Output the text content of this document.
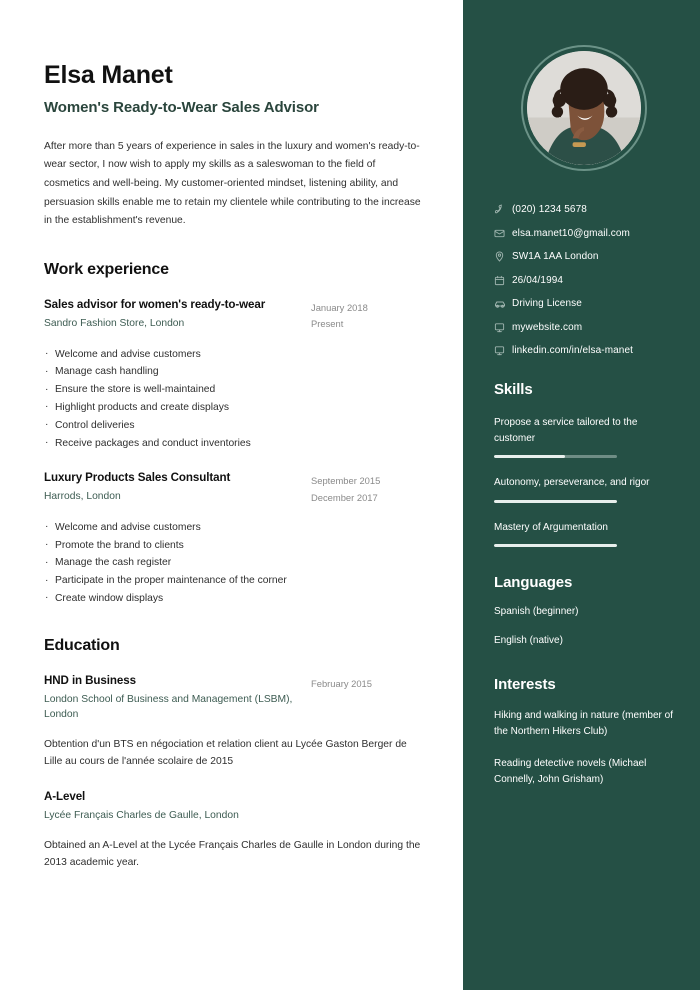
Elsa Manet
Women's Ready-to-Wear Sales Advisor
After more than 5 years of experience in sales in the luxury and women's ready-to-wear sector, I now wish to apply my skills as a saleswoman to the field of cosmetics and well-being. My customer-oriented mindset, listening ability, and persuasion skills enable me to retain my clientele while contributing to the increase in the establishment's revenue.
Work experience
Sales advisor for women's ready-to-wear
Sandro Fashion Store, London
January 2018
Present
· Welcome and advise customers
· Manage cash handling
· Ensure the store is well-maintained
· Highlight products and create displays
· Control deliveries
· Receive packages and conduct inventories
Luxury Products Sales Consultant
Harrods, London
September 2015
December 2017
· Welcome and advise customers
· Promote the brand to clients
· Manage the cash register
· Participate in the proper maintenance of the corner
· Create window displays
Education
HND in Business
London School of Business and Management (LSBM), London
February 2015
Obtention d'un BTS en négociation et relation client au Lycée Gaston Berger de Lille au cours de l'année scolaire de 2015
A-Level
Lycée Français Charles de Gaulle, London
Obtained an A-Level at the Lycée Français Charles de Gaulle in London during the 2013 academic year.
(020) 1234 5678
elsa.manet10@gmail.com
SW1A 1AA London
26/04/1994
Driving License
mywebsite.com
linkedin.com/in/elsa-manet
Skills
Propose a service tailored to the customer
Autonomy, perseverance, and rigor
Mastery of Argumentation
Languages
Spanish (beginner)
English (native)
Interests
Hiking and walking in nature (member of the Northern Hikers Club)
Reading detective novels (Michael Connelly, John Grisham)
